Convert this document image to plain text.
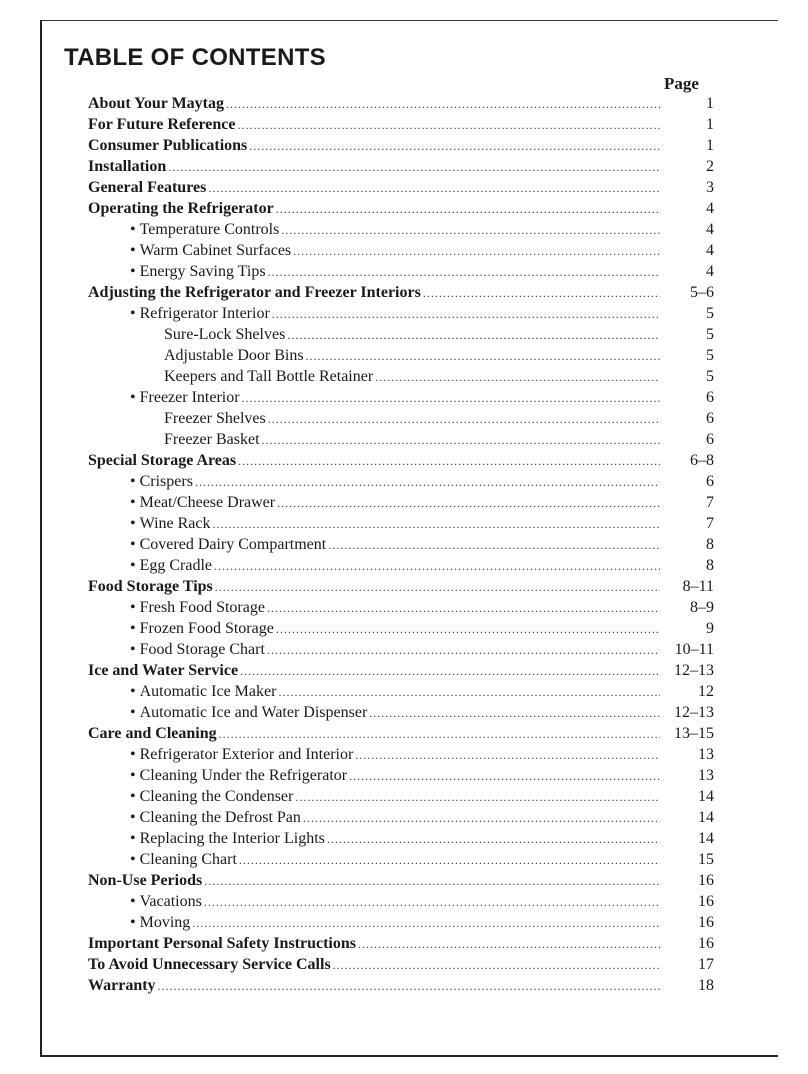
TABLE OF CONTENTS
Page
About Your Maytag .....	1
For Future Reference .....	1
Consumer Publications .....	1
Installation .....	2
General Features .....	3
Operating the Refrigerator .....	4
• Temperature Controls .....	4
• Warm Cabinet Surfaces .....	4
• Energy Saving Tips .....	4
Adjusting the Refrigerator and Freezer Interiors .....	5–6
• Refrigerator Interior .....	5
Sure-Lock Shelves .....	5
Adjustable Door Bins .....	5
Keepers and Tall Bottle Retainer .....	5
• Freezer Interior .....	6
Freezer Shelves .....	6
Freezer Basket .....	6
Special Storage Areas .....	6–8
• Crispers .....	6
• Meat/Cheese Drawer .....	7
• Wine Rack .....	7
• Covered Dairy Compartment .....	8
• Egg Cradle .....	8
Food Storage Tips .....	8–11
• Fresh Food Storage .....	8–9
• Frozen Food Storage .....	9
• Food Storage Chart .....	10–11
Ice and Water Service .....	12–13
• Automatic Ice Maker .....	12
• Automatic Ice and Water Dispenser .....	12–13
Care and Cleaning .....	13–15
• Refrigerator Exterior and Interior .....	13
• Cleaning Under the Refrigerator .....	13
• Cleaning the Condenser .....	14
• Cleaning the Defrost Pan .....	14
• Replacing the Interior Lights .....	14
• Cleaning Chart .....	15
Non-Use Periods .....	16
• Vacations .....	16
• Moving .....	16
Important Personal Safety Instructions .....	16
To Avoid Unnecessary Service Calls .....	17
Warranty .....	18
